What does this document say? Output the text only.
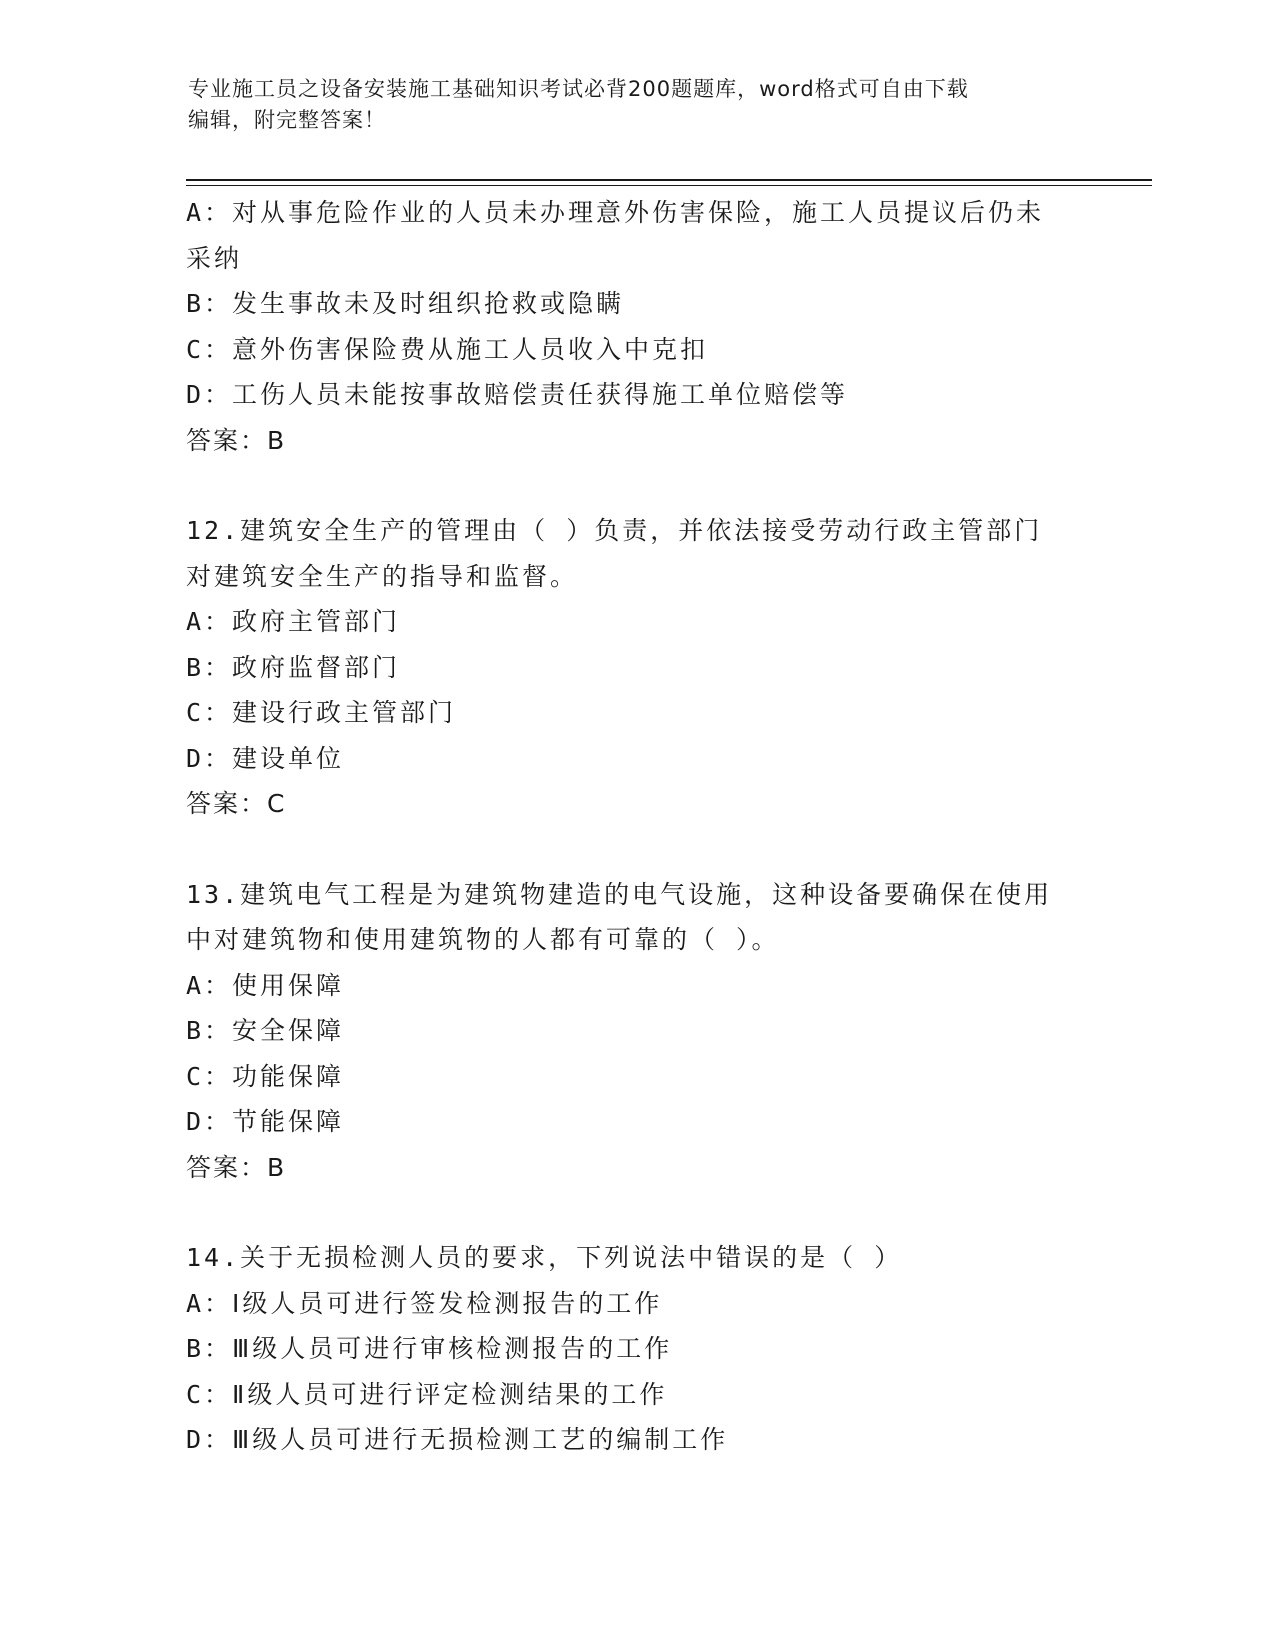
专业施工员之设备安装施工基础知识考试必背200题题库，word格式可自由下载
编辑，附完整答案！
A：对从事危险作业的人员未办理意外伤害保险，施工人员提议后仍未
采纳
B：发生事故未及时组织抢救或隐瞒
C：意外伤害保险费从施工人员收入中克扣
D：工伤人员未能按事故赔偿责任获得施工单位赔偿等
答案：B
12.建筑安全生产的管理由（ ）负责，并依法接受劳动行政主管部门
对建筑安全生产的指导和监督。
A：政府主管部门
B：政府监督部门
C：建设行政主管部门
D：建设单位
答案：C
13.建筑电气工程是为建筑物建造的电气设施，这种设备要确保在使用
中对建筑物和使用建筑物的人都有可靠的（ ）。
A：使用保障
B：安全保障
C：功能保障
D：节能保障
答案：B
14.关于无损检测人员的要求，下列说法中错误的是（ ）
A：Ⅰ级人员可进行签发检测报告的工作
B：Ⅲ级人员可进行审核检测报告的工作
C：Ⅱ级人员可进行评定检测结果的工作
D：Ⅲ级人员可进行无损检测工艺的编制工作
